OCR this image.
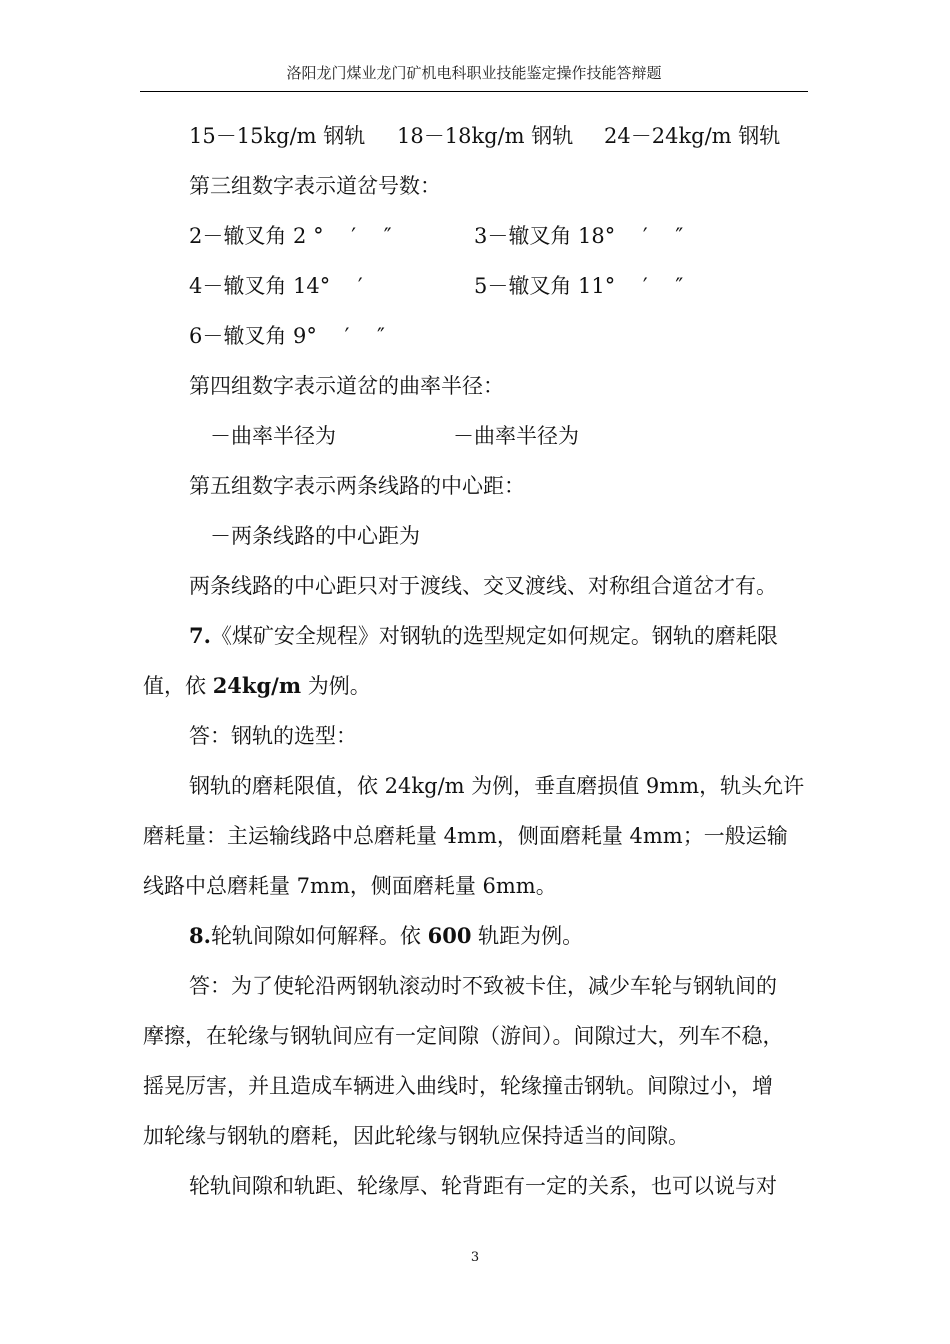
洛阳龙门煤业龙门矿机电科职业技能鉴定操作技能答辩题
15－15kg/m 钢轨 18－18kg/m 钢轨 24－24kg/m 钢轨
第三组数字表示道岔号数：
2－辙叉角 2 °　 ′　 ″	3－辙叉角 18°　 ′　 ″
4－辙叉角 14°　 ′	5－辙叉角 11°　 ′　 ″
6－辙叉角 9°　 ′　 ″
第四组数字表示道岔的曲率半径：
－曲率半径为	－曲率半径为
第五组数字表示两条线路的中心距：
－两条线路的中心距为
两条线路的中心距只对于渡线、交叉渡线、对称组合道岔才有。
7.《煤矿安全规程》对钢轨的选型规定如何规定。钢轨的磨耗限
值，依 24kg/m 为例。
答：钢轨的选型：
钢轨的磨耗限值，依 24kg/m 为例，垂直磨损值 9mm，轨头允许
磨耗量：主运输线路中总磨耗量 4mm，侧面磨耗量 4mm；一般运输
线路中总磨耗量 7mm，侧面磨耗量 6mm。
8.轮轨间隙如何解释。依 600 轨距为例。
答：为了使轮沿两钢轨滚动时不致被卡住，减少车轮与钢轨间的
摩擦，在轮缘与钢轨间应有一定间隙（游间）。间隙过大，列车不稳，
摇晃厉害，并且造成车辆进入曲线时，轮缘撞击钢轨。间隙过小，增
加轮缘与钢轨的磨耗，因此轮缘与钢轨应保持适当的间隙。
轮轨间隙和轨距、轮缘厚、轮背距有一定的关系，也可以说与对
3
